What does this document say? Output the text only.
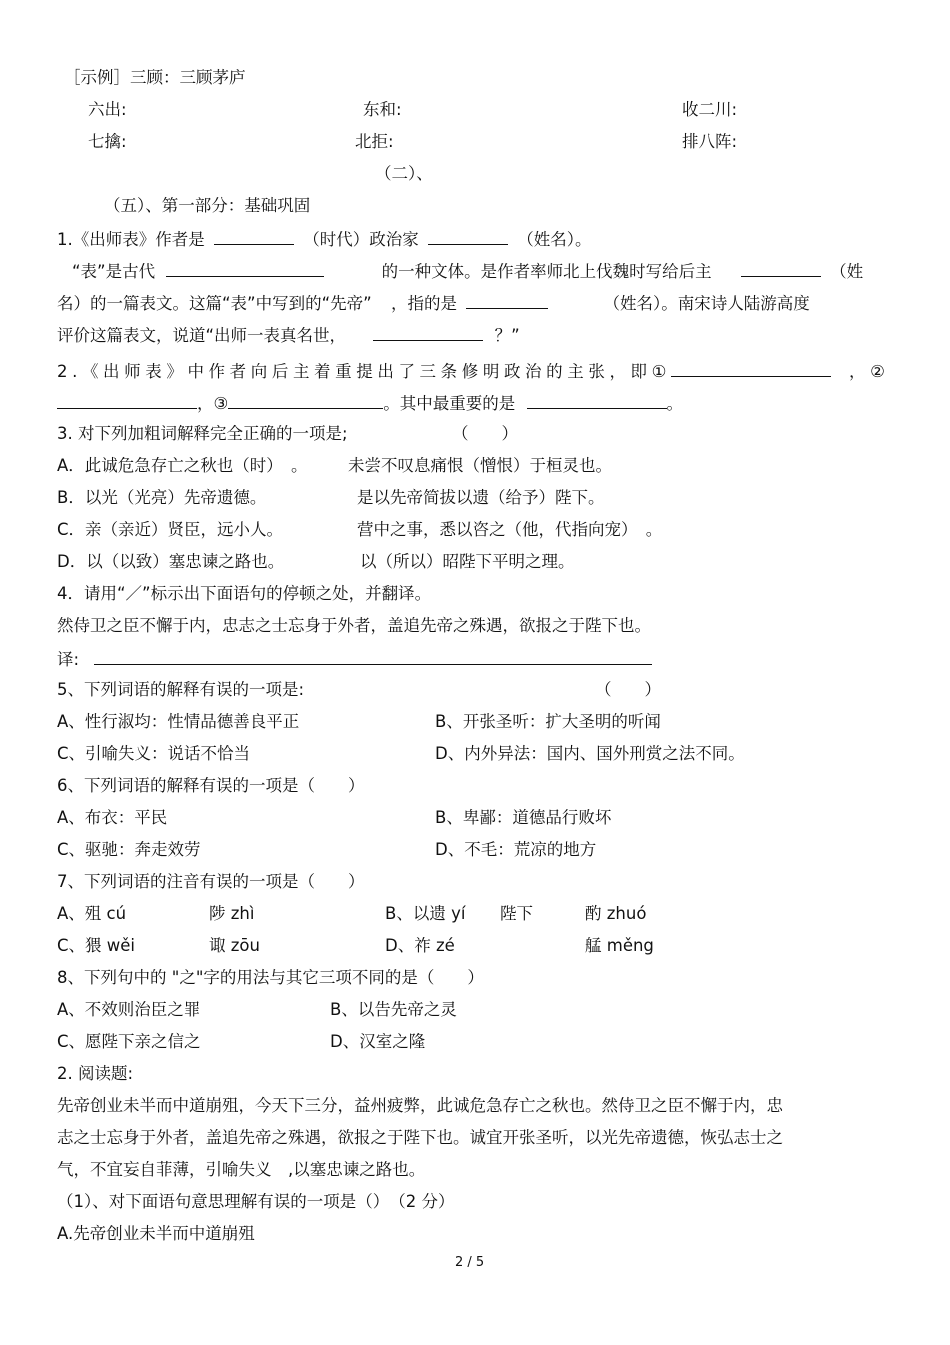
［示例］三顾：三顾茅庐
六出:	东和:	收二川:
七擒:	北拒:	排八阵:
（二）、
（五）、第一部分：基础巩固
1.《出师表》作者是	（时代）政治家	（姓名）。
“表”是古代	的一种文体。是作者率师北上伐魏时写给后主	（姓
名）的一篇表文。这篇“表”中写到的“先帝” ，指的是	（姓名）。南宋诗人陆游高度
评价这篇表文，说道“出师一表真名世，	？”
2.《出师表》中作者向后主着重提出了三条修明政治的主张，即①	，②
，③	。其中最重要的是	。
3. 对下列加粗词解释完全正确的一项是;	（　　）
A．此诚危急存亡之秋也（时）　。 未尝不叹息痛恨（憎恨）于桓灵也。
B．以光（光亮）先帝遗德。	是以先帝简拔以遗（给予）陛下。
C．亲（亲近）贤臣，远小人。	营中之事，悉以咨之（他，代指向宠）　。
D．以（以致）塞忠谏之路也。	以（所以）昭陛下平明之理。
4．请用“／”标示出下面语句的停顿之处，并翻译。
然侍卫之臣不懈于内，忠志之士忘身于外者，盖追先帝之殊遇，欲报之于陛下也。
译:
5、下列词语的解释有误的一项是:	（　　）
A、性行淑均：性情品德善良平正	B、开张圣听：扩大圣明的听闻
C、引喻失义：说话不恰当	D、内外异法：国内、国外刑赏之法不同。
6、下列词语的解释有误的一项是（　　）
A、布衣：平民	B、卑鄙：道德品行败坏
C、驱驰：奔走效劳	D、不毛：荒凉的地方
7、下列词语的注音有误的一项是（　　）
A、殂 cú	陟 zhì	B、以遗 yí 陛下	酌 zhuó
C、猥 wěi	诹 zōu	D、祚 zé	艋 měng
8、下列句中的 "之"字的用法与其它三项不同的是（　　）
A、不效则治臣之罪	B、以告先帝之灵
C、愿陛下亲之信之	D、汉室之隆
2. 阅读题:
先帝创业未半而中道崩殂，今天下三分，益州疲弊，此诚危急存亡之秋也。然侍卫之臣不懈于内，忠
志之士忘身于外者，盖追先帝之殊遇，欲报之于陛下也。诚宜开张圣听，以光先帝遗德，恢弘志士之
气，不宜妄自菲薄，引喻失义　,以塞忠谏之路也。
（1）、对下面语句意思理解有误的一项是（）　（2 分）
A.先帝创业未半而中道崩殂
2 / 5
